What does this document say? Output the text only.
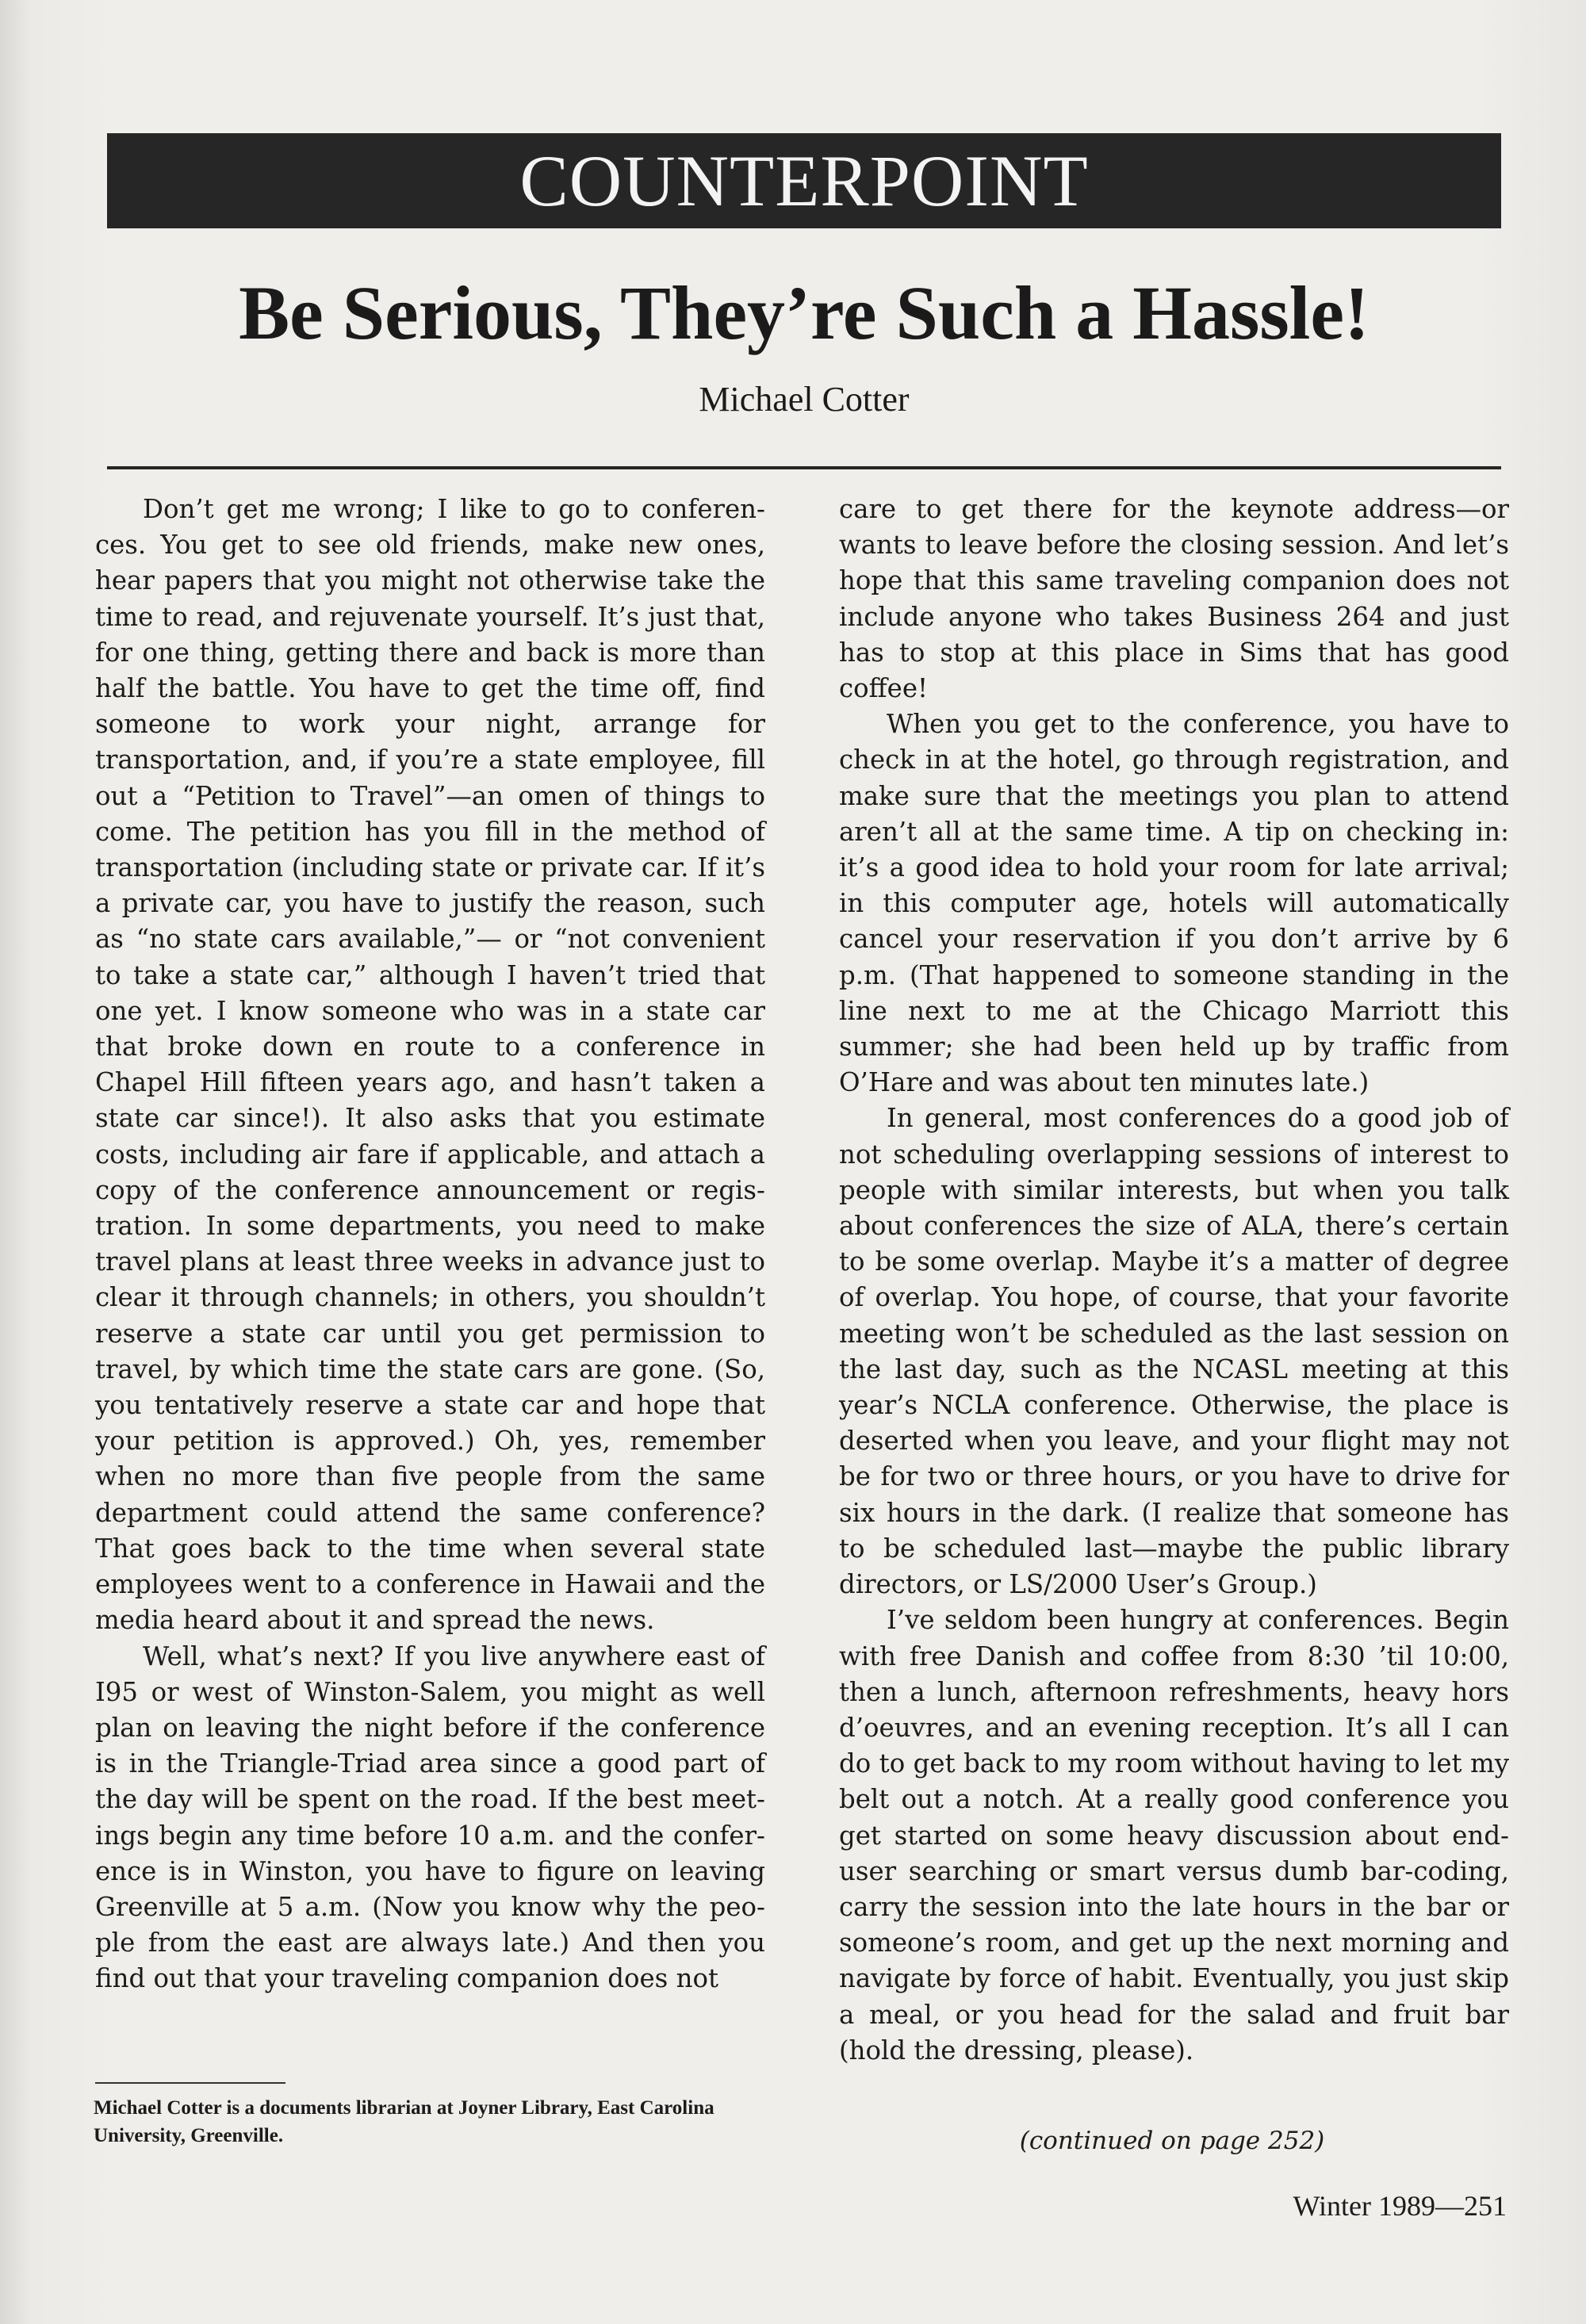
COUNTERPOINT
Be Serious, They’re Such a Hassle!
Michael Cotter

Don’t get me wrong; I like to go to conferences. You get to see old friends, make new ones, hear papers that you might not otherwise take the time to read, and rejuvenate yourself. It’s just that, for one thing, getting there and back is more than half the battle. You have to get the time off, find someone to work your night, arrange for transportation, and, if you’re a state employee, fill out a “Petition to Travel”—an omen of things to come. The petition has you fill in the method of transportation (including state or private car. If it’s a private car, you have to justify the reason, such as “no state cars available,”— or “not convenient to take a state car,” although I haven’t tried that one yet. I know someone who was in a state car that broke down en route to a conference in Chapel Hill fifteen years ago, and hasn’t taken a state car since!). It also asks that you estimate costs, including air fare if applicable, and attach a copy of the conference announcement or registration. In some departments, you need to make travel plans at least three weeks in advance just to clear it through channels; in others, you shouldn’t reserve a state car until you get permission to travel, by which time the state cars are gone. (So, you tentatively reserve a state car and hope that your petition is approved.) Oh, yes, remember when no more than five people from the same department could attend the same conference? That goes back to the time when several state employees went to a conference in Hawaii and the media heard about it and spread the news.

Well, what’s next? If you live anywhere east of I95 or west of Winston-Salem, you might as well plan on leaving the night before if the conference is in the Triangle-Triad area since a good part of the day will be spent on the road. If the best meetings begin any time before 10 a.m. and the conference is in Winston, you have to figure on leaving Greenville at 5 a.m. (Now you know why the people from the east are always late.) And then you find out that your traveling companion does not

care to get there for the keynote address—or wants to leave before the closing session. And let’s hope that this same traveling companion does not include anyone who takes Business 264 and just has to stop at this place in Sims that has good coffee!

When you get to the conference, you have to check in at the hotel, go through registration, and make sure that the meetings you plan to attend aren’t all at the same time. A tip on checking in: it’s a good idea to hold your room for late arrival; in this computer age, hotels will automatically cancel your reservation if you don’t arrive by 6 p.m. (That happened to someone standing in the line next to me at the Chicago Marriott this summer; she had been held up by traffic from O’Hare and was about ten minutes late.)

In general, most conferences do a good job of not scheduling overlapping sessions of interest to people with similar interests, but when you talk about conferences the size of ALA, there’s certain to be some overlap. Maybe it’s a matter of degree of overlap. You hope, of course, that your favorite meeting won’t be scheduled as the last session on the last day, such as the NCASL meeting at this year’s NCLA conference. Otherwise, the place is deserted when you leave, and your flight may not be for two or three hours, or you have to drive for six hours in the dark. (I realize that someone has to be scheduled last—maybe the public library directors, or LS/2000 User’s Group.)

I’ve seldom been hungry at conferences. Begin with free Danish and coffee from 8:30 ’til 10:00, then a lunch, afternoon refreshments, heavy hors d’oeuvres, and an evening reception. It’s all I can do to get back to my room without having to let my belt out a notch. At a really good conference you get started on some heavy discussion about end-user searching or smart versus dumb bar-coding, carry the session into the late hours in the bar or someone’s room, and get up the next morning and navigate by force of habit. Eventually, you just skip a meal, or you head for the salad and fruit bar (hold the dressing, please).

Michael Cotter is a documents librarian at Joyner Library, East Carolina University, Greenville.	(continued on page 252)
Winter 1989—251
